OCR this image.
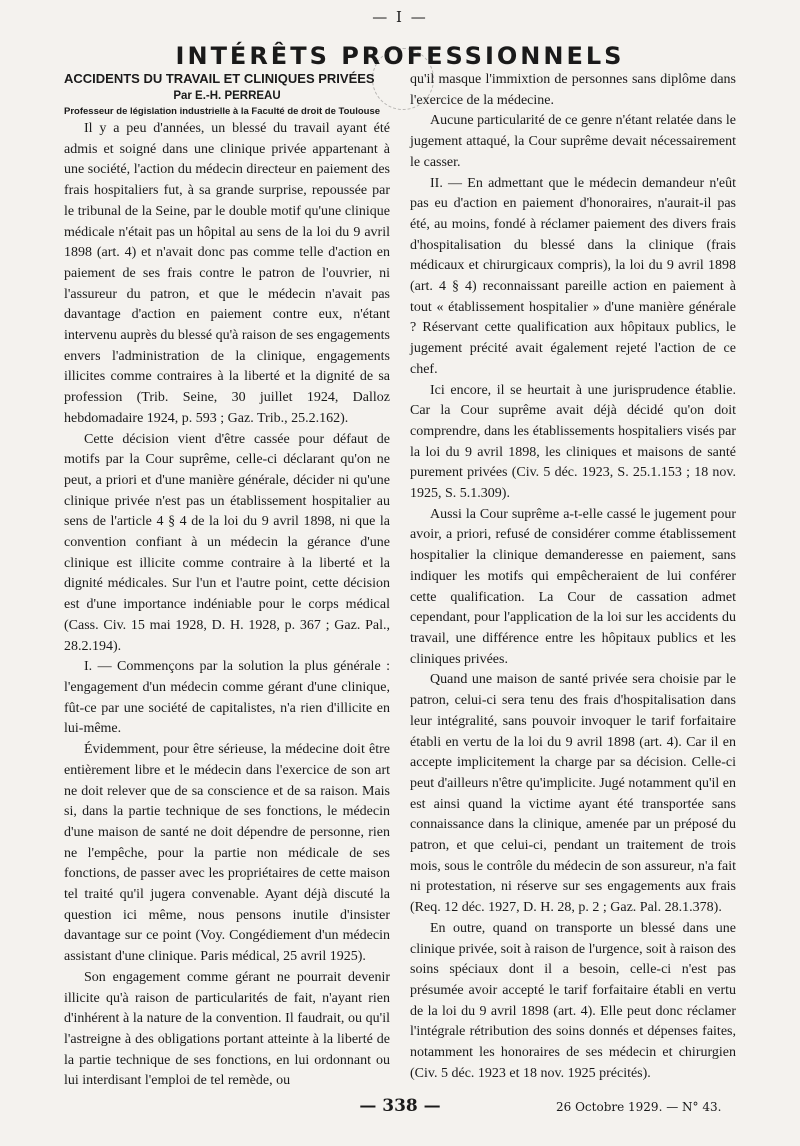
— I —
INTÉRÊTS PROFESSIONNELS

ACCIDENTS DU TRAVAIL ET CLINIQUES PRIVÉES

Par E.-H. PERREAU

Professeur de législation industrielle à la Faculté de droit de Toulouse

Il y a peu d'années, un blessé du travail ayant été admis et soigné dans une clinique privée appartenant à une société, l'action du médecin directeur en paiement des frais hospitaliers fut, à sa grande surprise, repoussée par le tribunal de la Seine, par le double motif qu'une clinique médicale n'était pas un hôpital au sens de la loi du 9 avril 1898 (art. 4) et n'avait donc pas comme telle d'action en paiement de ses frais contre le patron de l'ouvrier, ni l'assureur du patron, et que le médecin n'avait pas davantage d'action en paiement contre eux, n'étant intervenu auprès du blessé qu'à raison de ses engagements envers l'administration de la clinique, engagements illicites comme contraires à la liberté et la dignité de sa profession (Trib. Seine, 30 juillet 1924, Dalloz hebdomadaire 1924, p. 593 ; Gaz. Trib., 25.2.162).

Cette décision vient d'être cassée pour défaut de motifs par la Cour suprême, celle-ci déclarant qu'on ne peut, a priori et d'une manière générale, décider ni qu'une clinique privée n'est pas un établissement hospitalier au sens de l'article 4 § 4 de la loi du 9 avril 1898, ni que la convention confiant à un médecin la gérance d'une clinique est illicite comme contraire à la liberté et la dignité médicales. Sur l'un et l'autre point, cette décision est d'une importance indéniable pour le corps médical (Cass. Civ. 15 mai 1928, D. H. 1928, p. 367 ; Gaz. Pal., 28.2.194).

I. — Commençons par la solution la plus générale : l'engagement d'un médecin comme gérant d'une clinique, fût-ce par une société de capitalistes, n'a rien d'illicite en lui-même.

Évidemment, pour être sérieuse, la médecine doit être entièrement libre et le médecin dans l'exercice de son art ne doit relever que de sa conscience et de sa raison. Mais si, dans la partie technique de ses fonctions, le médecin d'une maison de santé ne doit dépendre de personne, rien ne l'empêche, pour la partie non médicale de ses fonctions, de passer avec les propriétaires de cette maison tel traité qu'il jugera convenable. Ayant déjà discuté la question ici même, nous pensons inutile d'insister davantage sur ce point (Voy. Congédiement d'un médecin assistant d'une clinique. Paris médical, 25 avril 1925).

Son engagement comme gérant ne pourrait devenir illicite qu'à raison de particularités de fait, n'ayant rien d'inhérent à la nature de la convention. Il faudrait, ou qu'il l'astreigne à des obligations portant atteinte à la liberté de la partie technique de ses fonctions, en lui ordonnant ou lui interdisant l'emploi de tel remède, ou

qu'il masque l'immixtion de personnes sans diplôme dans l'exercice de la médecine.

Aucune particularité de ce genre n'étant relatée dans le jugement attaqué, la Cour suprême devait nécessairement le casser.

II. — En admettant que le médecin demandeur n'eût pas eu d'action en paiement d'honoraires, n'aurait-il pas été, au moins, fondé à réclamer paiement des divers frais d'hospitalisation du blessé dans la clinique (frais médicaux et chirurgicaux compris), la loi du 9 avril 1898 (art. 4 § 4) reconnaissant pareille action en paiement à tout « établissement hospitalier » d'une manière générale ? Réservant cette qualification aux hôpitaux publics, le jugement précité avait également rejeté l'action de ce chef.

Ici encore, il se heurtait à une jurisprudence établie. Car la Cour suprême avait déjà décidé qu'on doit comprendre, dans les établissements hospitaliers visés par la loi du 9 avril 1898, les cliniques et maisons de santé purement privées (Civ. 5 déc. 1923, S. 25.1.153 ; 18 nov. 1925, S. 5.1.309).

Aussi la Cour suprême a-t-elle cassé le jugement pour avoir, a priori, refusé de considérer comme établissement hospitalier la clinique demanderesse en paiement, sans indiquer les motifs qui empêcheraient de lui conférer cette qualification. La Cour de cassation admet cependant, pour l'application de la loi sur les accidents du travail, une différence entre les hôpitaux publics et les cliniques privées.

Quand une maison de santé privée sera choisie par le patron, celui-ci sera tenu des frais d'hospitalisation dans leur intégralité, sans pouvoir invoquer le tarif forfaitaire établi en vertu de la loi du 9 avril 1898 (art. 4). Car il en accepte implicitement la charge par sa décision. Celle-ci peut d'ailleurs n'être qu'implicite. Jugé notamment qu'il en est ainsi quand la victime ayant été transportée sans connaissance dans la clinique, amenée par un préposé du patron, et que celui-ci, pendant un traitement de trois mois, sous le contrôle du médecin de son assureur, n'a fait ni protestation, ni réserve sur ses engagements aux frais (Req. 12 déc. 1927, D. H. 28, p. 2 ; Gaz. Pal. 28.1.378).

En outre, quand on transporte un blessé dans une clinique privée, soit à raison de l'urgence, soit à raison des soins spéciaux dont il a besoin, celle-ci n'est pas présumée avoir accepté le tarif forfaitaire établi en vertu de la loi du 9 avril 1898 (art. 4). Elle peut donc réclamer l'intégrale rétribution des soins donnés et dépenses faites, notamment les honoraires de ses médecin et chirurgien (Civ. 5 déc. 1923 et 18 nov. 1925 précités).

— 338 —	26 Octobre 1929. — N° 43.
